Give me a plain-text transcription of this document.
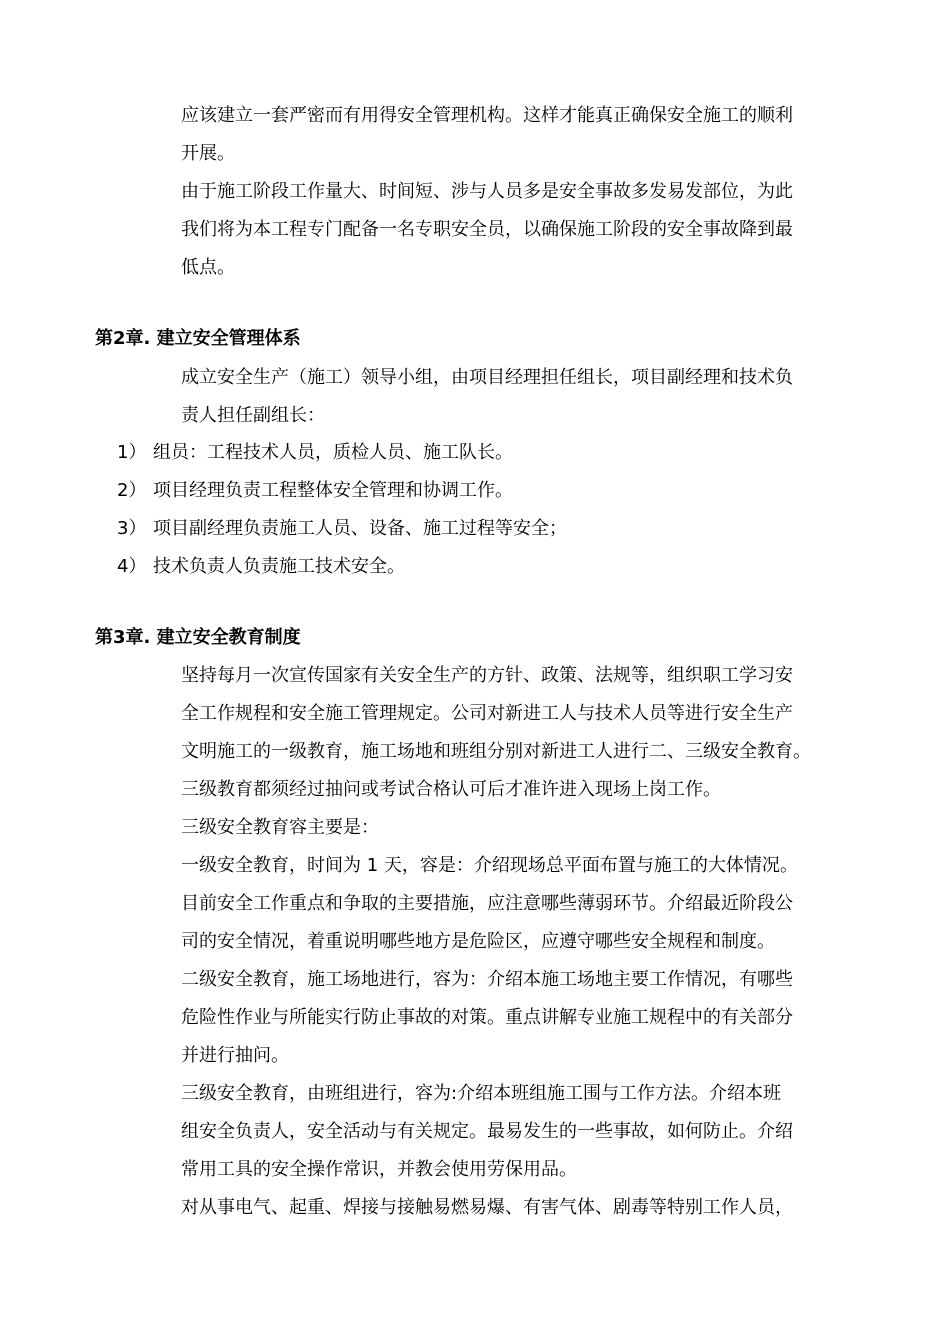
应该建立一套严密而有用得安全管理机构。这样才能真正确保安全施工的顺利
开展。
由于施工阶段工作量大、时间短、涉与人员多是安全事故多发易发部位，为此
我们将为本工程专门配备一名专职安全员，以确保施工阶段的安全事故降到最
低点。
第2章. 建立安全管理体系
成立安全生产（施工）领导小组，由项目经理担任组长，项目副经理和技术负
责人担任副组长：
1） 组员：工程技术人员，质检人员、施工队长。
2） 项目经理负责工程整体安全管理和协调工作。
3） 项目副经理负责施工人员、设备、施工过程等安全；
4） 技术负责人负责施工技术安全。
第3章. 建立安全教育制度
坚持每月一次宣传国家有关安全生产的方针、政策、法规等，组织职工学习安
全工作规程和安全施工管理规定。公司对新进工人与技术人员等进行安全生产
文明施工的一级教育，施工场地和班组分别对新进工人进行二、三级安全教育。
三级教育都须经过抽问或考试合格认可后才准许进入现场上岗工作。
三级安全教育容主要是：
一级安全教育，时间为 1 天，容是：介绍现场总平面布置与施工的大体情况。
目前安全工作重点和争取的主要措施，应注意哪些薄弱环节。介绍最近阶段公
司的安全情况，着重说明哪些地方是危险区，应遵守哪些安全规程和制度。
二级安全教育，施工场地进行，容为：介绍本施工场地主要工作情况，有哪些
危险性作业与所能实行防止事故的对策。重点讲解专业施工规程中的有关部分
并进行抽问。
三级安全教育，由班组进行，容为:介绍本班组施工围与工作方法。介绍本班
组安全负责人，安全活动与有关规定。最易发生的一些事故，如何防止。介绍
常用工具的安全操作常识，并教会使用劳保用品。
对从事电气、起重、焊接与接触易燃易爆、有害气体、剧毒等特别工作人员，
